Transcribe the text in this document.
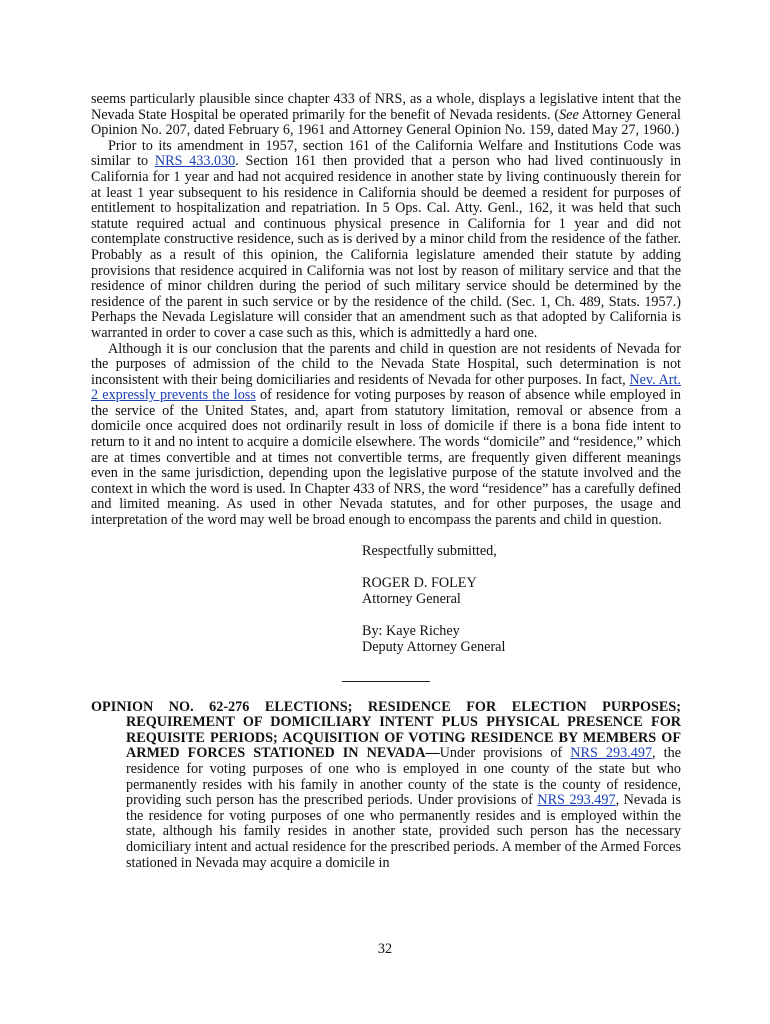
seems particularly plausible since chapter 433 of NRS, as a whole, displays a legislative intent that the Nevada State Hospital be operated primarily for the benefit of Nevada residents. (See Attorney General Opinion No. 207, dated February 6, 1961 and Attorney General Opinion No. 159, dated May 27, 1960.)

Prior to its amendment in 1957, section 161 of the California Welfare and Institutions Code was similar to NRS 433.030. Section 161 then provided that a person who had lived continuously in California for 1 year and had not acquired residence in another state by living continuously therein for at least 1 year subsequent to his residence in California should be deemed a resident for purposes of entitlement to hospitalization and repatriation. In 5 Ops. Cal. Atty. Genl., 162, it was held that such statute required actual and continuous physical presence in California for 1 year and did not contemplate constructive residence, such as is derived by a minor child from the residence of the father. Probably as a result of this opinion, the California legislature amended their statute by adding provisions that residence acquired in California was not lost by reason of military service and that the residence of minor children during the period of such military service should be determined by the residence of the parent in such service or by the residence of the child. (Sec. 1, Ch. 489, Stats. 1957.) Perhaps the Nevada Legislature will consider that an amendment such as that adopted by California is warranted in order to cover a case such as this, which is admittedly a hard one.

Although it is our conclusion that the parents and child in question are not residents of Nevada for the purposes of admission of the child to the Nevada State Hospital, such determination is not inconsistent with their being domiciliaries and residents of Nevada for other purposes. In fact, Nev. Art. 2 expressly prevents the loss of residence for voting purposes by reason of absence while employed in the service of the United States, and, apart from statutory limitation, removal or absence from a domicile once acquired does not ordinarily result in loss of domicile if there is a bona fide intent to return to it and no intent to acquire a domicile elsewhere. The words “domicile” and “residence,” which are at times convertible and at times not convertible terms, are frequently given different meanings even in the same jurisdiction, depending upon the legislative purpose of the statute involved and the context in which the word is used. In Chapter 433 of NRS, the word “residence” has a carefully defined and limited meaning. As used in other Nevada statutes, and for other purposes, the usage and interpretation of the word may well be broad enough to encompass the parents and child in question.

Respectfully submitted,
ROGER D. FOLEY
Attorney General
By: Kaye Richey
Deputy Attorney General

OPINION NO. 62-276 ELECTIONS; RESIDENCE FOR ELECTION PURPOSES; REQUIREMENT OF DOMICILIARY INTENT PLUS PHYSICAL PRESENCE FOR REQUISITE PERIODS; ACQUISITION OF VOTING RESIDENCE BY MEMBERS OF ARMED FORCES STATIONED IN NEVADA—Under provisions of NRS 293.497, the residence for voting purposes of one who is employed in one county of the state but who permanently resides with his family in another county of the state is the county of residence, providing such person has the prescribed periods. Under provisions of NRS 293.497, Nevada is the residence for voting purposes of one who permanently resides and is employed within the state, although his family resides in another state, provided such person has the necessary domiciliary intent and actual residence for the prescribed periods. A member of the Armed Forces stationed in Nevada may acquire a domicile in

32
